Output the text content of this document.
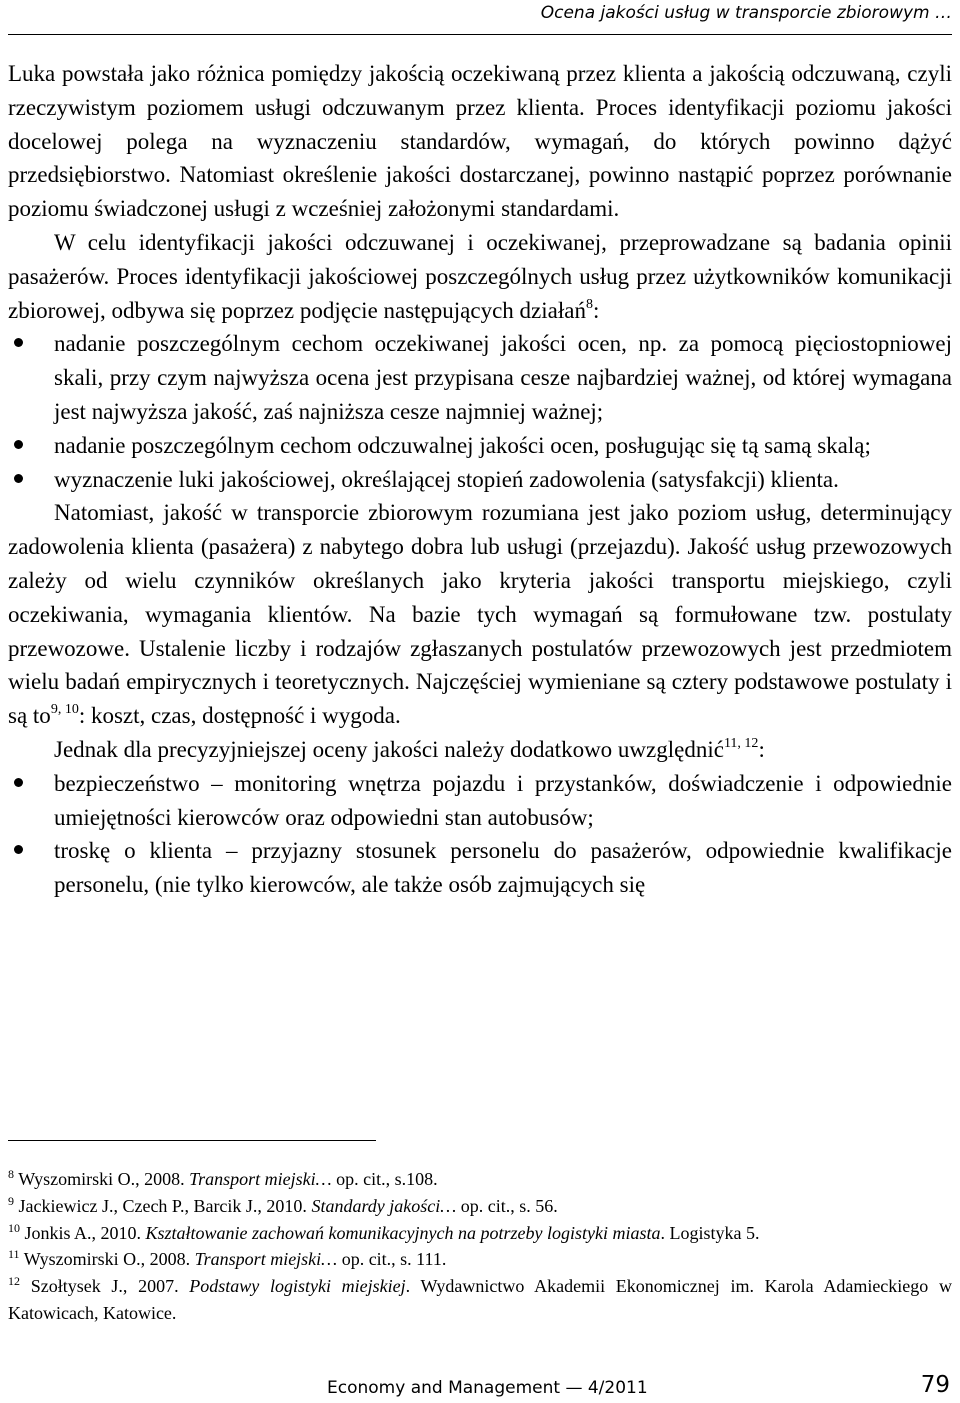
Ocena jakości usług w transporcie zbiorowym …

Luka powstała jako różnica pomiędzy jakością oczekiwaną przez klienta a jakością odczuwaną, czyli rzeczywistym poziomem usługi odczuwanym przez klienta. Proces identyfikacji poziomu jakości docelowej polega na wyznaczeniu standardów, wymagań, do których powinno dążyć przedsiębiorstwo. Natomiast określenie jakości dostarczanej, powinno nastąpić poprzez porównanie poziomu świadczonej usługi z wcześniej założonymi standardami.

W celu identyfikacji jakości odczuwanej i oczekiwanej, przeprowadzane są badania opinii pasażerów. Proces identyfikacji jakościowej poszczególnych usług przez użytkowników komunikacji zbiorowej, odbywa się poprzez podjęcie następujących działań$^8$:

nadanie poszczególnym cechom oczekiwanej jakości ocen, np. za pomocą pięciostopniowej skali, przy czym najwyższa ocena jest przypisana cesze najbardziej ważnej, od której wymagana jest najwyższa jakość, zaś najniższa cesze najmniej ważnej;
nadanie poszczególnym cechom odczuwalnej jakości ocen, posługując się tą samą skalą;
wyznaczenie luki jakościowej, określającej stopień zadowolenia (satysfakcji) klienta.

Natomiast, jakość w transporcie zbiorowym rozumiana jest jako poziom usług, determinujący zadowolenia klienta (pasażera) z nabytego dobra lub usługi (przejazdu). Jakość usług przewozowych zależy od wielu czynników określanych jako kryteria jakości transportu miejskiego, czyli oczekiwania, wymagania klientów. Na bazie tych wymagań są formułowane tzw. postulaty przewozowe. Ustalenie liczby i rodzajów zgłaszanych postulatów przewozowych jest przedmiotem wielu badań empirycznych i teoretycznych. Najczęściej wymieniane są cztery podstawowe postulaty i są to$^{9, 10}$: koszt, czas, dostępność i wygoda.

Jednak dla precyzyjniejszej oceny jakości należy dodatkowo uwzględnić$^{11, 12}$:

bezpieczeństwo – monitoring wnętrza pojazdu i przystanków, doświadczenie i odpowiednie umiejętności kierowców oraz odpowiedni stan autobusów;
troskę o klienta – przyjazny stosunek personelu do pasażerów, odpowiednie kwalifikacje personelu, (nie tylko kierowców, ale także osób zajmujących się

$^8$ Wyszomirski O., 2008. Transport miejski… op. cit., s.108.

$^9$ Jackiewicz J., Czech P., Barcik J., 2010. Standardy jakości… op. cit., s. 56.

$^{10}$ Jonkis A., 2010. Kształtowanie zachowań komunikacyjnych na potrzeby logistyki miasta. Logistyka 5.

$^{11}$ Wyszomirski O., 2008. Transport miejski… op. cit., s. 111.

$^{12}$ Szołtysek J., 2007. Podstawy logistyki miejskiej. Wydawnictwo Akademii Ekonomicznej im. Karola Adamieckiego w Katowicach, Katowice.

Economy and Management — 4/2011	79
